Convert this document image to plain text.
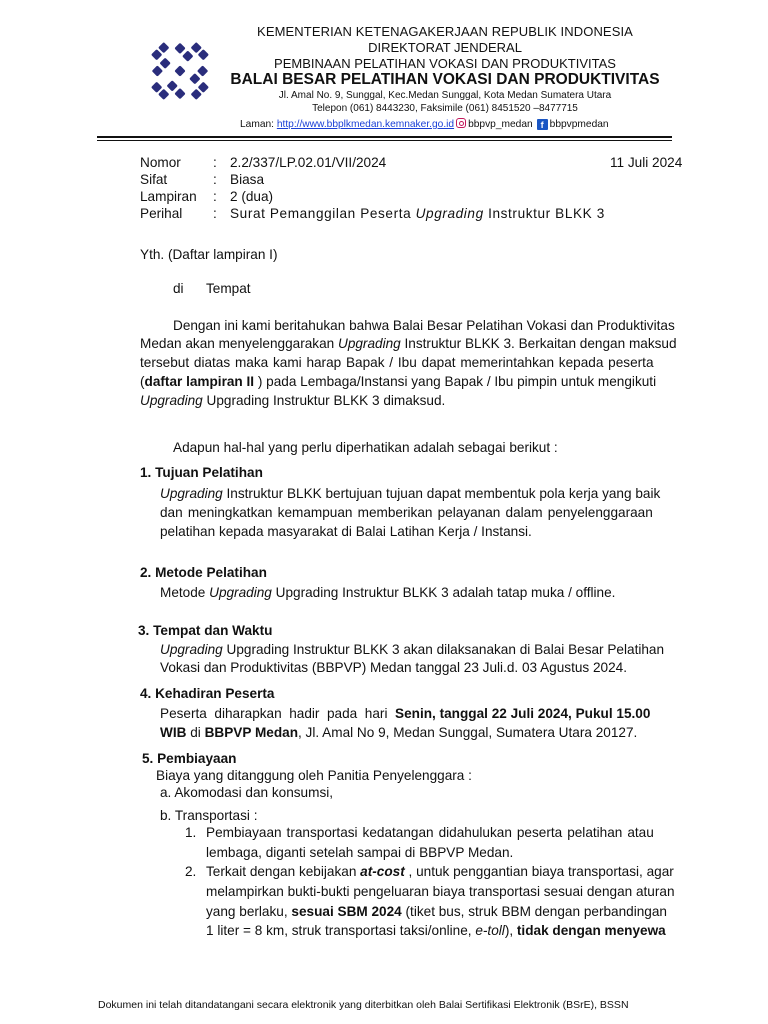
KEMENTERIAN KETENAGAKERJAAN REPUBLIK INDONESIA
DIREKTORAT JENDERAL
PEMBINAAN PELATIHAN VOKASI DAN PRODUKTIVITAS
BALAI BESAR PELATIHAN VOKASI DAN PRODUKTIVITAS
Jl. Amal No. 9, Sunggal, Kec.Medan Sunggal, Kota Medan Sumatera Utara
Telepon (061) 8443230, Faksimile (061) 8451520 –8477715
Laman: http://www.bbplkmedan.kemnaker.go.id bbpvp_medan f bbpvpmedan
Nomor : 2.2/337/LP.02.01/VII/2024	11 Juli 2024
Sifat	: Biasa
Lampiran : 2 (dua)
Perihal : Surat Pemanggilan Peserta Upgrading Instruktur BLKK 3
Yth. (Daftar lampiran I)
di Tempat
Dengan ini kami beritahukan bahwa Balai Besar Pelatihan Vokasi dan Produktivitas
Medan akan menyelenggarakan Upgrading Instruktur BLKK 3. Berkaitan dengan maksud
tersebut diatas maka kami harap Bapak / Ibu dapat memerintahkan kepada peserta
(daftar lampiran II ) pada Lembaga/Instansi yang Bapak / Ibu pimpin untuk mengikuti
Upgrading Upgrading Instruktur BLKK 3 dimaksud.
Adapun hal-hal yang perlu diperhatikan adalah sebagai berikut :
1. Tujuan Pelatihan
Upgrading Instruktur BLKK bertujuan tujuan dapat membentuk pola kerja yang baik
dan meningkatkan kemampuan memberikan pelayanan dalam penyelenggaraan
pelatihan kepada masyarakat di Balai Latihan Kerja / Instansi.
2. Metode Pelatihan
Metode Upgrading Upgrading Instruktur BLKK 3 adalah tatap muka / offline.
3. Tempat dan Waktu
Upgrading Upgrading Instruktur BLKK 3 akan dilaksanakan di Balai Besar Pelatihan
Vokasi dan Produktivitas (BBPVP) Medan tanggal 23 Juli.d. 03 Agustus 2024.
4. Kehadiran Peserta
Peserta  diharapkan  hadir  pada  hari  Senin, tanggal 22 Juli 2024, Pukul 15.00
WIB di BBPVP Medan, Jl. Amal No 9, Medan Sunggal, Sumatera Utara 20127.
5. Pembiayaan
Biaya yang ditanggung oleh Panitia Penyelenggara :
a. Akomodasi dan konsumsi,
b. Transportasi :
1. Pembiayaan transportasi kedatangan didahulukan peserta pelatihan atau
lembaga, diganti setelah sampai di BBPVP Medan.
2. Terkait dengan kebijakan at-cost , untuk penggantian biaya transportasi, agar
melampirkan bukti-bukti pengeluaran biaya transportasi sesuai dengan aturan
yang berlaku, sesuai SBM 2024 (tiket bus, struk BBM dengan perbandingan
1 liter = 8 km, struk transportasi taksi/online, e-toll), tidak dengan menyewa
Dokumen ini telah ditandatangani secara elektronik yang diterbitkan oleh Balai Sertifikasi Elektronik (BSrE), BSSN
